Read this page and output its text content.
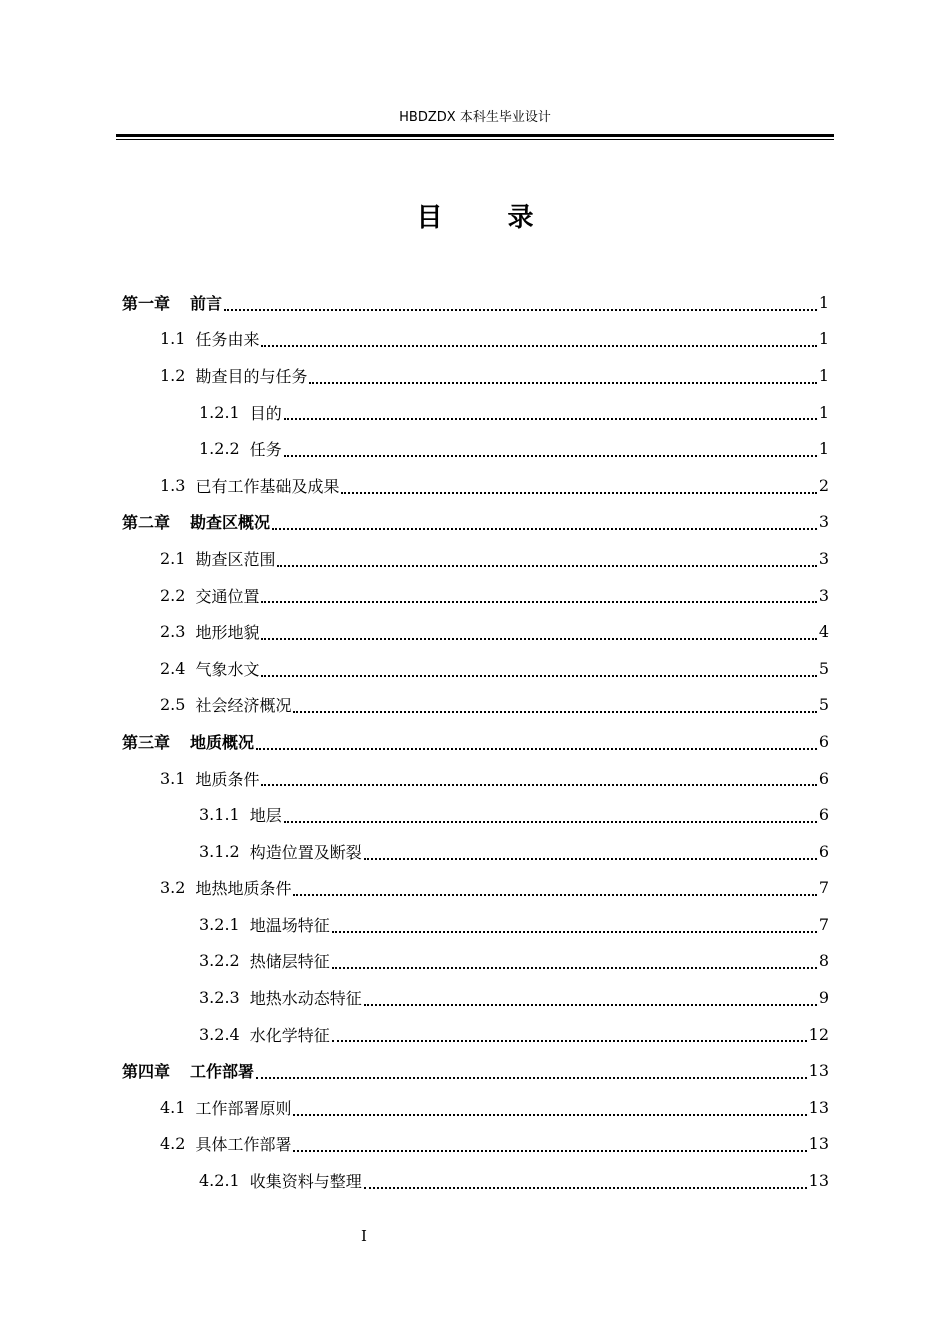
HBDZDX 本科生毕业设计
目 录
第一章 前言	1
1.1 任务由来	1
1.2 勘查目的与任务	1
1.2.1 目的	1
1.2.2 任务	1
1.3 已有工作基础及成果	2
第二章 勘查区概况	3
2.1 勘查区范围	3
2.2 交通位置	3
2.3 地形地貌	4
2.4 气象水文	5
2.5 社会经济概况	5
第三章 地质概况	6
3.1 地质条件	6
3.1.1 地层	6
3.1.2 构造位置及断裂	6
3.2 地热地质条件	7
3.2.1 地温场特征	7
3.2.2 热储层特征	8
3.2.3 地热水动态特征	9
3.2.4 水化学特征	12
第四章 工作部署	13
4.1 工作部署原则	13
4.2 具体工作部署	13
4.2.1 收集资料与整理	13
I
